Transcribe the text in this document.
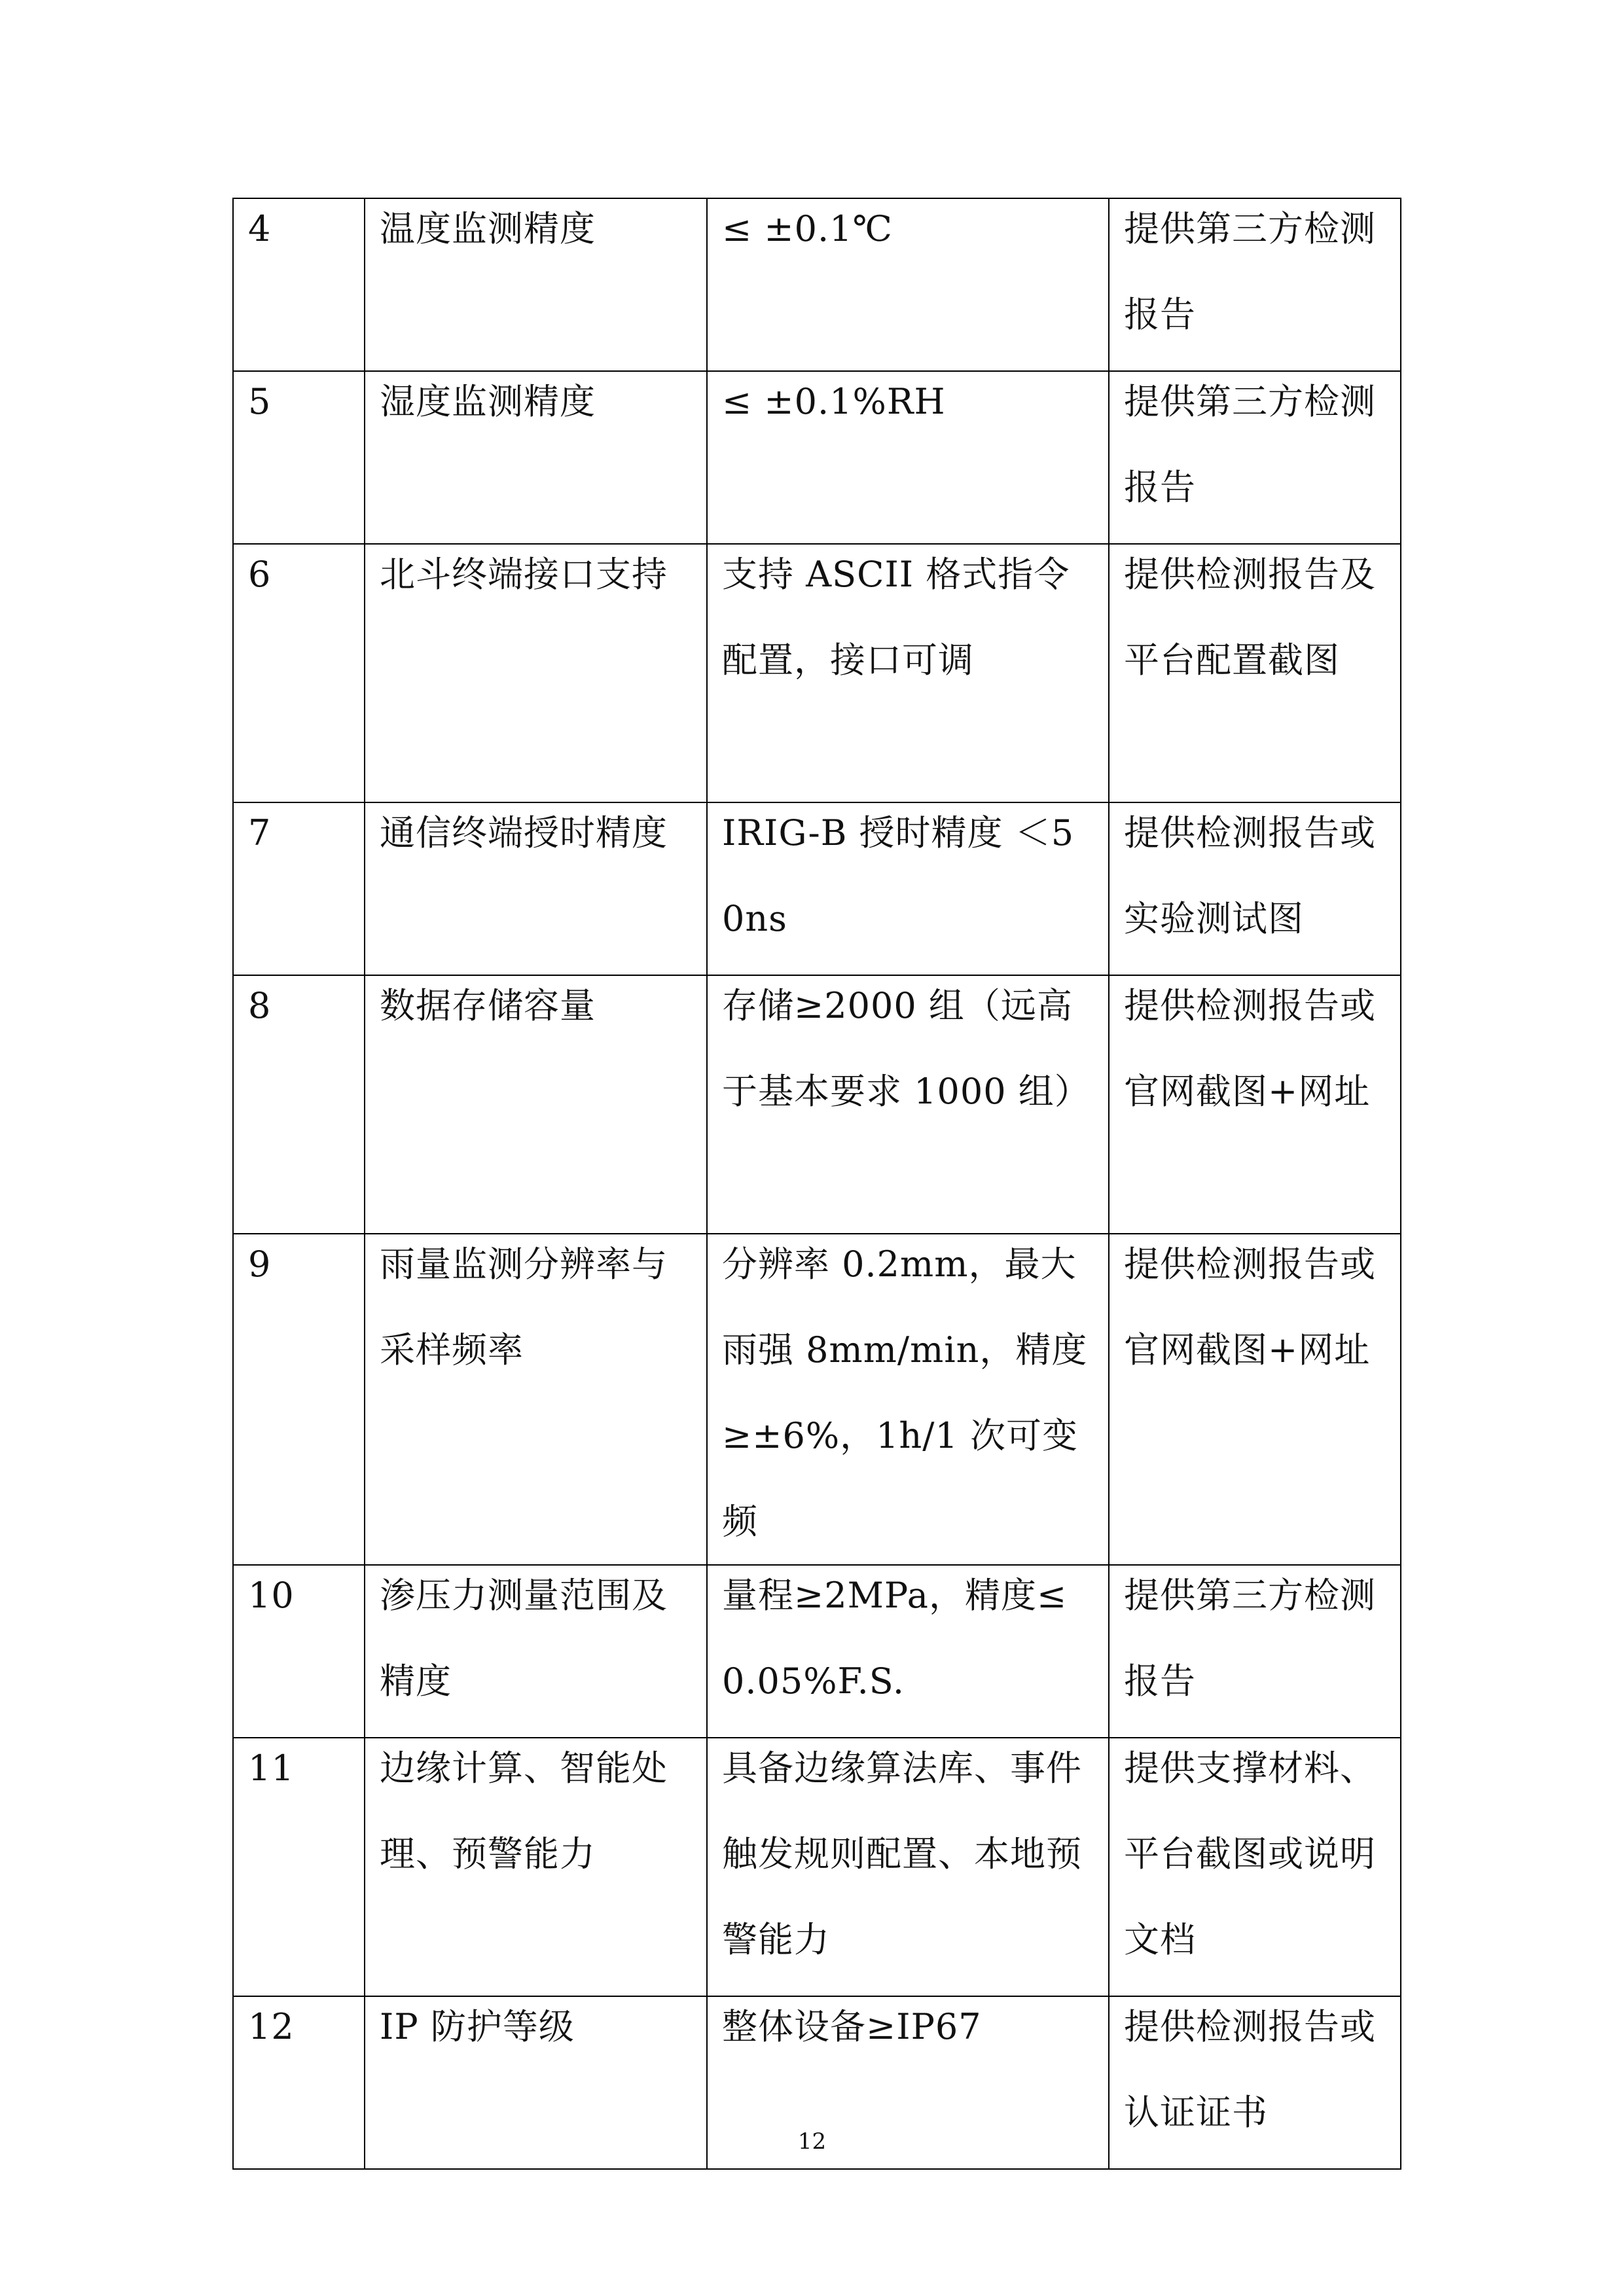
4	温度监测精度	≤ ±0.1℃	提供第三方检测报告

5	湿度监测精度	≤ ±0.1%RH	提供第三方检测报告

6	北斗终端接口支持	支持 ASCII 格式指令配置，接口可调	提供检测报告及平台配置截图

7	通信终端授时精度	IRIG-B 授时精度 ＜50ns	提供检测报告或实验测试图

8	数据存储容量	存储≥2000 组（远高于基本要求 1000 组）	提供检测报告或官网截图+网址

9	雨量监测分辨率与采样频率	分辨率 0.2mm，最大雨强 8mm/min，精度≥±6%，1h/1 次可变频	提供检测报告或官网截图+网址

10	渗压力测量范围及精度	量程≥2MPa，精度≤0.05%F.S.	提供第三方检测报告

11	边缘计算、智能处理、预警能力	具备边缘算法库、事件触发规则配置、本地预警能力	提供支撑材料、平台截图或说明文档

12	IP 防护等级	整体设备≥IP67	提供检测报告或认证证书
12
